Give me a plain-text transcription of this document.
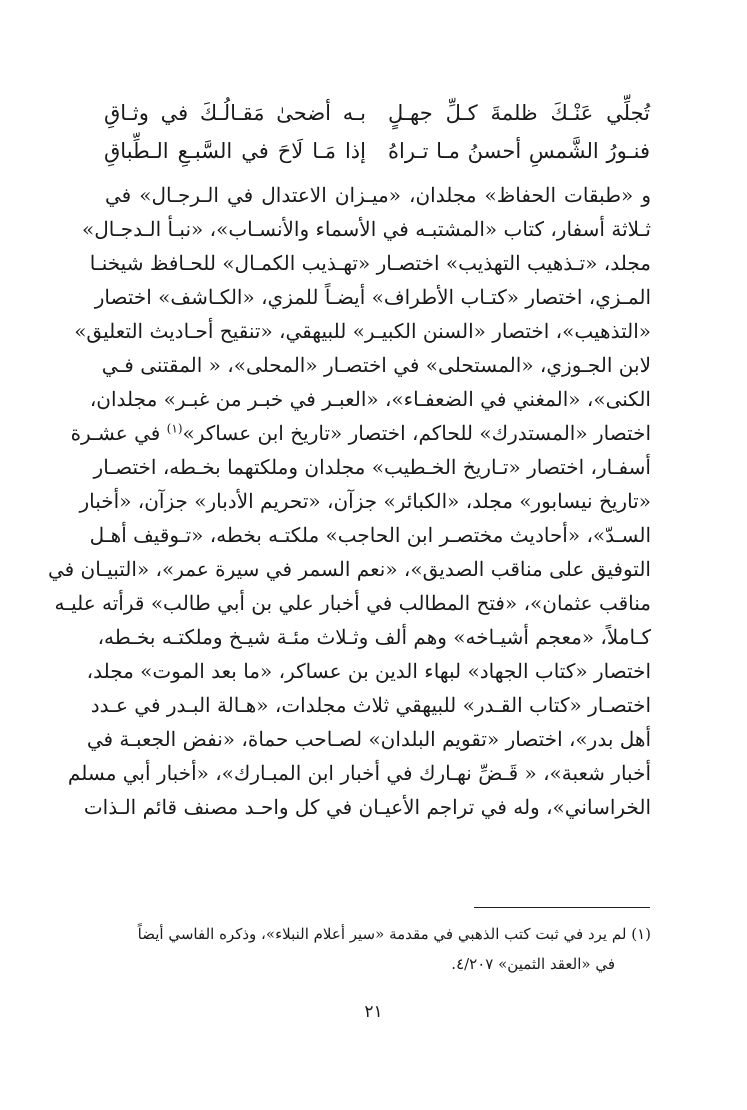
تُجلِّي عَنْـكَ ظلمةَ كـلِّ جهـلٍ
بـه أضحىٰ مَقـالُـكَ في وثـاقِ
فنـورُ الشَّمسِ أحسنُ مـا تـراهُ
إذا مَـا لَاحَ في السَّبـعِ الـطِّباقِ
و «طبقات الحفاظ» مجلدان، «ميـزان الاعتدال في الـرجـال» في
ثـلاثة أسفار، كتاب «المشتبـه في الأسماء والأنسـاب»، «نبـأ الـدجـال»
مجلد، «تـذهيب التهذيب» اختصـار «تهـذيب الكمـال» للحـافظ شيخنـا
المـزي، اختصار «كتـاب الأطراف» أيضـاً للمزي، «الكـاشف» اختصار
«التذهيب»، اختصار «السنن الكبيـر» للبيهقي، «تنقيح أحـاديث التعليق»
لابن الجـوزي، «المستحلى» في اختصـار «المحلى»، « المقتنى فـي
الكنى»، «المغني في الضعفـاء»، «العبـر في خبـر من غبـر» مجلدان،
اختصار «المستدرك» للحاكم، اختصار «تاريخ ابن عساكر»$^{(١)}$ في عشـرة
أسفـار، اختصار «تـاريخ الخـطيب» مجلدان وملكتهما بخـطه، اختصـار
«تاريخ نيسابور» مجلد، «الكبائر» جزآن، «تحريم الأدبار» جزآن، «أخبار
السـدّ»، «أحاديث مختصـر ابن الحاجب» ملكتـه بخطه، «تـوقيف أهـل
التوفيق على مناقب الصديق»، «نعم السمر في سيرة عمر»، «التبيـان في
مناقب عثمان»، «فتح المطالب في أخبار علي بن أبي طالب» قرأته عليـه
كـاملاً، «معجم أشيـاخه» وهم ألف وثـلاث مئـة شيـخ وملكتـه بخـطه،
اختصار «كتاب الجهاد» لبهاء الدين بن عساكر، «ما بعد الموت» مجلد،
اختصـار «كتاب القـدر» للبيهقي ثلاث مجلدات، «هـالة البـدر في عـدد
أهل بدر»، اختصار «تقويم البلدان» لصـاحب حماة، «نفض الجعبـة في
أخبار شعبة»، « قَـضِّ نهـارك في أخبار ابن المبـارك»، «أخبار أبي مسلم
الخراساني»، وله في تراجم الأعيـان في كل واحـد مصنف قائم الـذات
(١) لم يرد في ثبت كتب الذهبي في مقدمة «سير أعلام النبلاء»، وذكره الفاسي أيضاً
في «العقد الثمين» ٤/٢٠٧.
٢١
